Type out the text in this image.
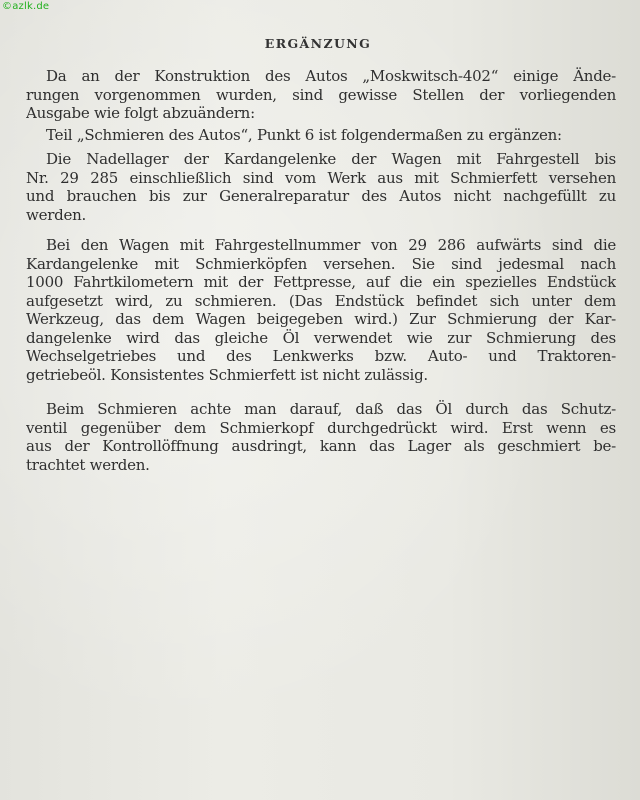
©azlk.de
ERGÄNZUNG
Da an der Konstruktion des Autos „Moskwitsch-402“ einige Ände-
rungen vorgenommen wurden, sind gewisse Stellen der vorliegenden
Ausgabe wie folgt abzuändern:
Teil „Schmieren des Autos“, Punkt 6 ist folgendermaßen zu ergänzen:
Die Nadellager der Kardangelenke der Wagen mit Fahrgestell bis
Nr. 29 285 einschließlich sind vom Werk aus mit Schmierfett versehen
und brauchen bis zur Generalreparatur des Autos nicht nachgefüllt zu
werden.
Bei den Wagen mit Fahrgestellnummer von 29 286 aufwärts sind die
Kardangelenke mit Schmierköpfen versehen. Sie sind jedesmal nach
1000 Fahrtkilometern mit der Fettpresse, auf die ein spezielles Endstück
aufgesetzt wird, zu schmieren. (Das Endstück befindet sich unter dem
Werkzeug, das dem Wagen beigegeben wird.) Zur Schmierung der Kar-
dangelenke wird das gleiche Öl verwendet wie zur Schmierung des
Wechselgetriebes und des Lenkwerks bzw. Auto- und Traktoren-
getriebeöl. Konsistentes Schmierfett ist nicht zulässig.
Beim Schmieren achte man darauf, daß das Öl durch das Schutz-
ventil gegenüber dem Schmierkopf durchgedrückt wird. Erst wenn es
aus der Kontrollöffnung ausdringt, kann das Lager als geschmiert be-
trachtet werden.
